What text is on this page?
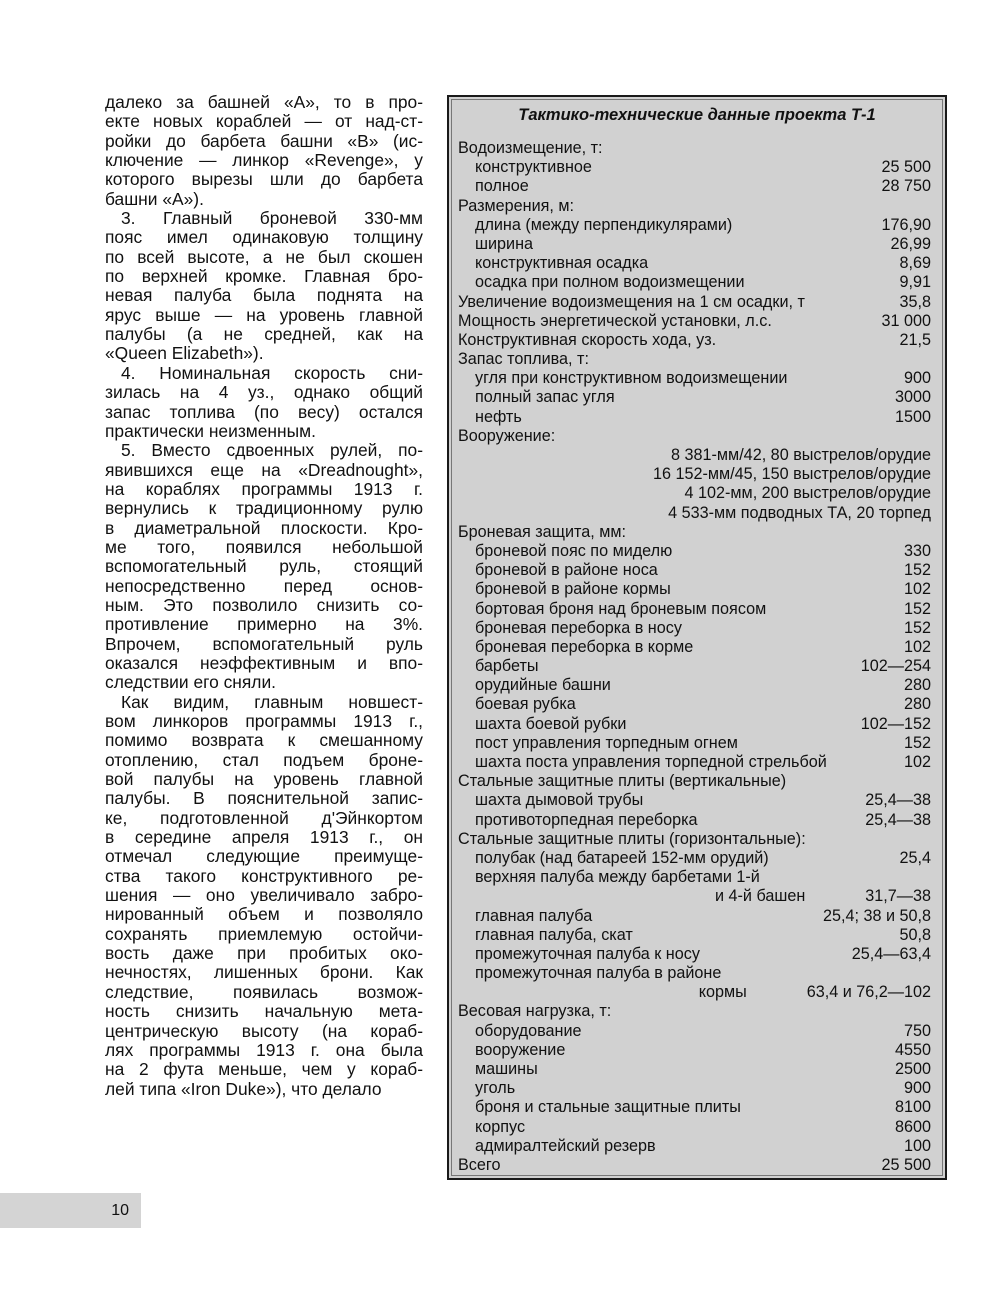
далеко за башней «А», то в про-
екте новых кораблей — от над-ст-
ройки до барбета башни «В» (ис-
ключение — линкор «Revenge», у
которого вырезы шли до барбета
башни «А»).
3. Главный броневой 330-мм
пояс имел одинаковую толщину
по всей высоте, а не был скошен
по верхней кромке. Главная бро-
невая палуба была поднята на
ярус выше — на уровень главной
палубы (а не средней, как на
«Queen Elizabeth»).
4. Номинальная скорость сни-
зилась на 4 уз., однако общий
запас топлива (по весу) остался
практически неизменным.
5. Вместо сдвоенных рулей, по-
явившихся еще на «Dreadnought»,
на кораблях программы 1913 г.
вернулись к традиционному рулю
в диаметральной плоскости. Кро-
ме того, появился небольшой
вспомогательный руль, стоящий
непосредственно перед основ-
ным. Это позволило снизить со-
противление примерно на 3%.
Впрочем, вспомогательный руль
оказался неэффективным и впо-
следствии его сняли.
Как видим, главным новшест-
вом линкоров программы 1913 г.,
помимо возврата к смешанному
отоплению, стал подъем броне-
вой палубы на уровень главной
палубы. В пояснительной запис-
ке, подготовленной д'Эйнкортом
в середине апреля 1913 г., он
отмечал следующие преимуще-
ства такого конструктивного ре-
шения — оно увеличивало забро-
нированный объем и позволяло
сохранять приемлемую остойчи-
вость даже при пробитых око-
нечностях, лишенных брони. Как
следствие, появилась возмож-
ность снизить начальную мета-
центрическую высоту (на кораб-
лях программы 1913 г. она была
на 2 фута меньше, чем у кораб-
лей типа «Iron Duke»), что делало
Тактико-технические данные проекта Т-1
Водоизмещение, т:
конструктивное	25 500
полное	28 750
Размерения, м:
длина (между перпендикулярами)	176,90
ширина	26,99
конструктивная осадка	8,69
осадка при полном водоизмещении	9,91
Увеличение водоизмещения на 1 см осадки, т	35,8
Мощность энергетической установки, л.с.	31 000
Конструктивная скорость хода, уз.	21,5
Запас топлива, т:
угля при конструктивном водоизмещении	900
полный запас угля	3000
нефть	1500
Вооружение:
8 381-мм/42, 80 выстрелов/орудие
16 152-мм/45, 150 выстрелов/орудие
4 102-мм, 200 выстрелов/орудие
4 533-мм подводных ТА, 20 торпед
Броневая защита, мм:
броневой пояс по миделю	330
броневой в районе носа	152
броневой в районе кормы	102
бортовая броня над броневым поясом	152
броневая переборка в носу	152
броневая переборка в корме	102
барбеты	102—254
орудийные башни	280
боевая рубка	280
шахта боевой рубки	102—152
пост управления торпедным огнем	152
шахта поста управления торпедной стрельбой	102
Стальные защитные плиты (вертикальные)
шахта дымовой трубы	25,4—38
противоторпедная переборка	25,4—38
Стальные защитные плиты (горизонтальные):
полубак (над батареей 152-мм орудий)	25,4
верхняя палуба между барбетами 1-й
и 4-й башен	31,7—38
главная палуба	25,4; 38 и 50,8
главная палуба, скат	50,8
промежуточная палуба к носу	25,4—63,4
промежуточная палуба в районе
кормы	63,4 и 76,2—102
Весовая нагрузка, т:
оборудование	750
вооружение	4550
машины	2500
уголь	900
броня и стальные защитные плиты	8100
корпус	8600
адмиралтейский резерв	100
Всего	25 500
10
